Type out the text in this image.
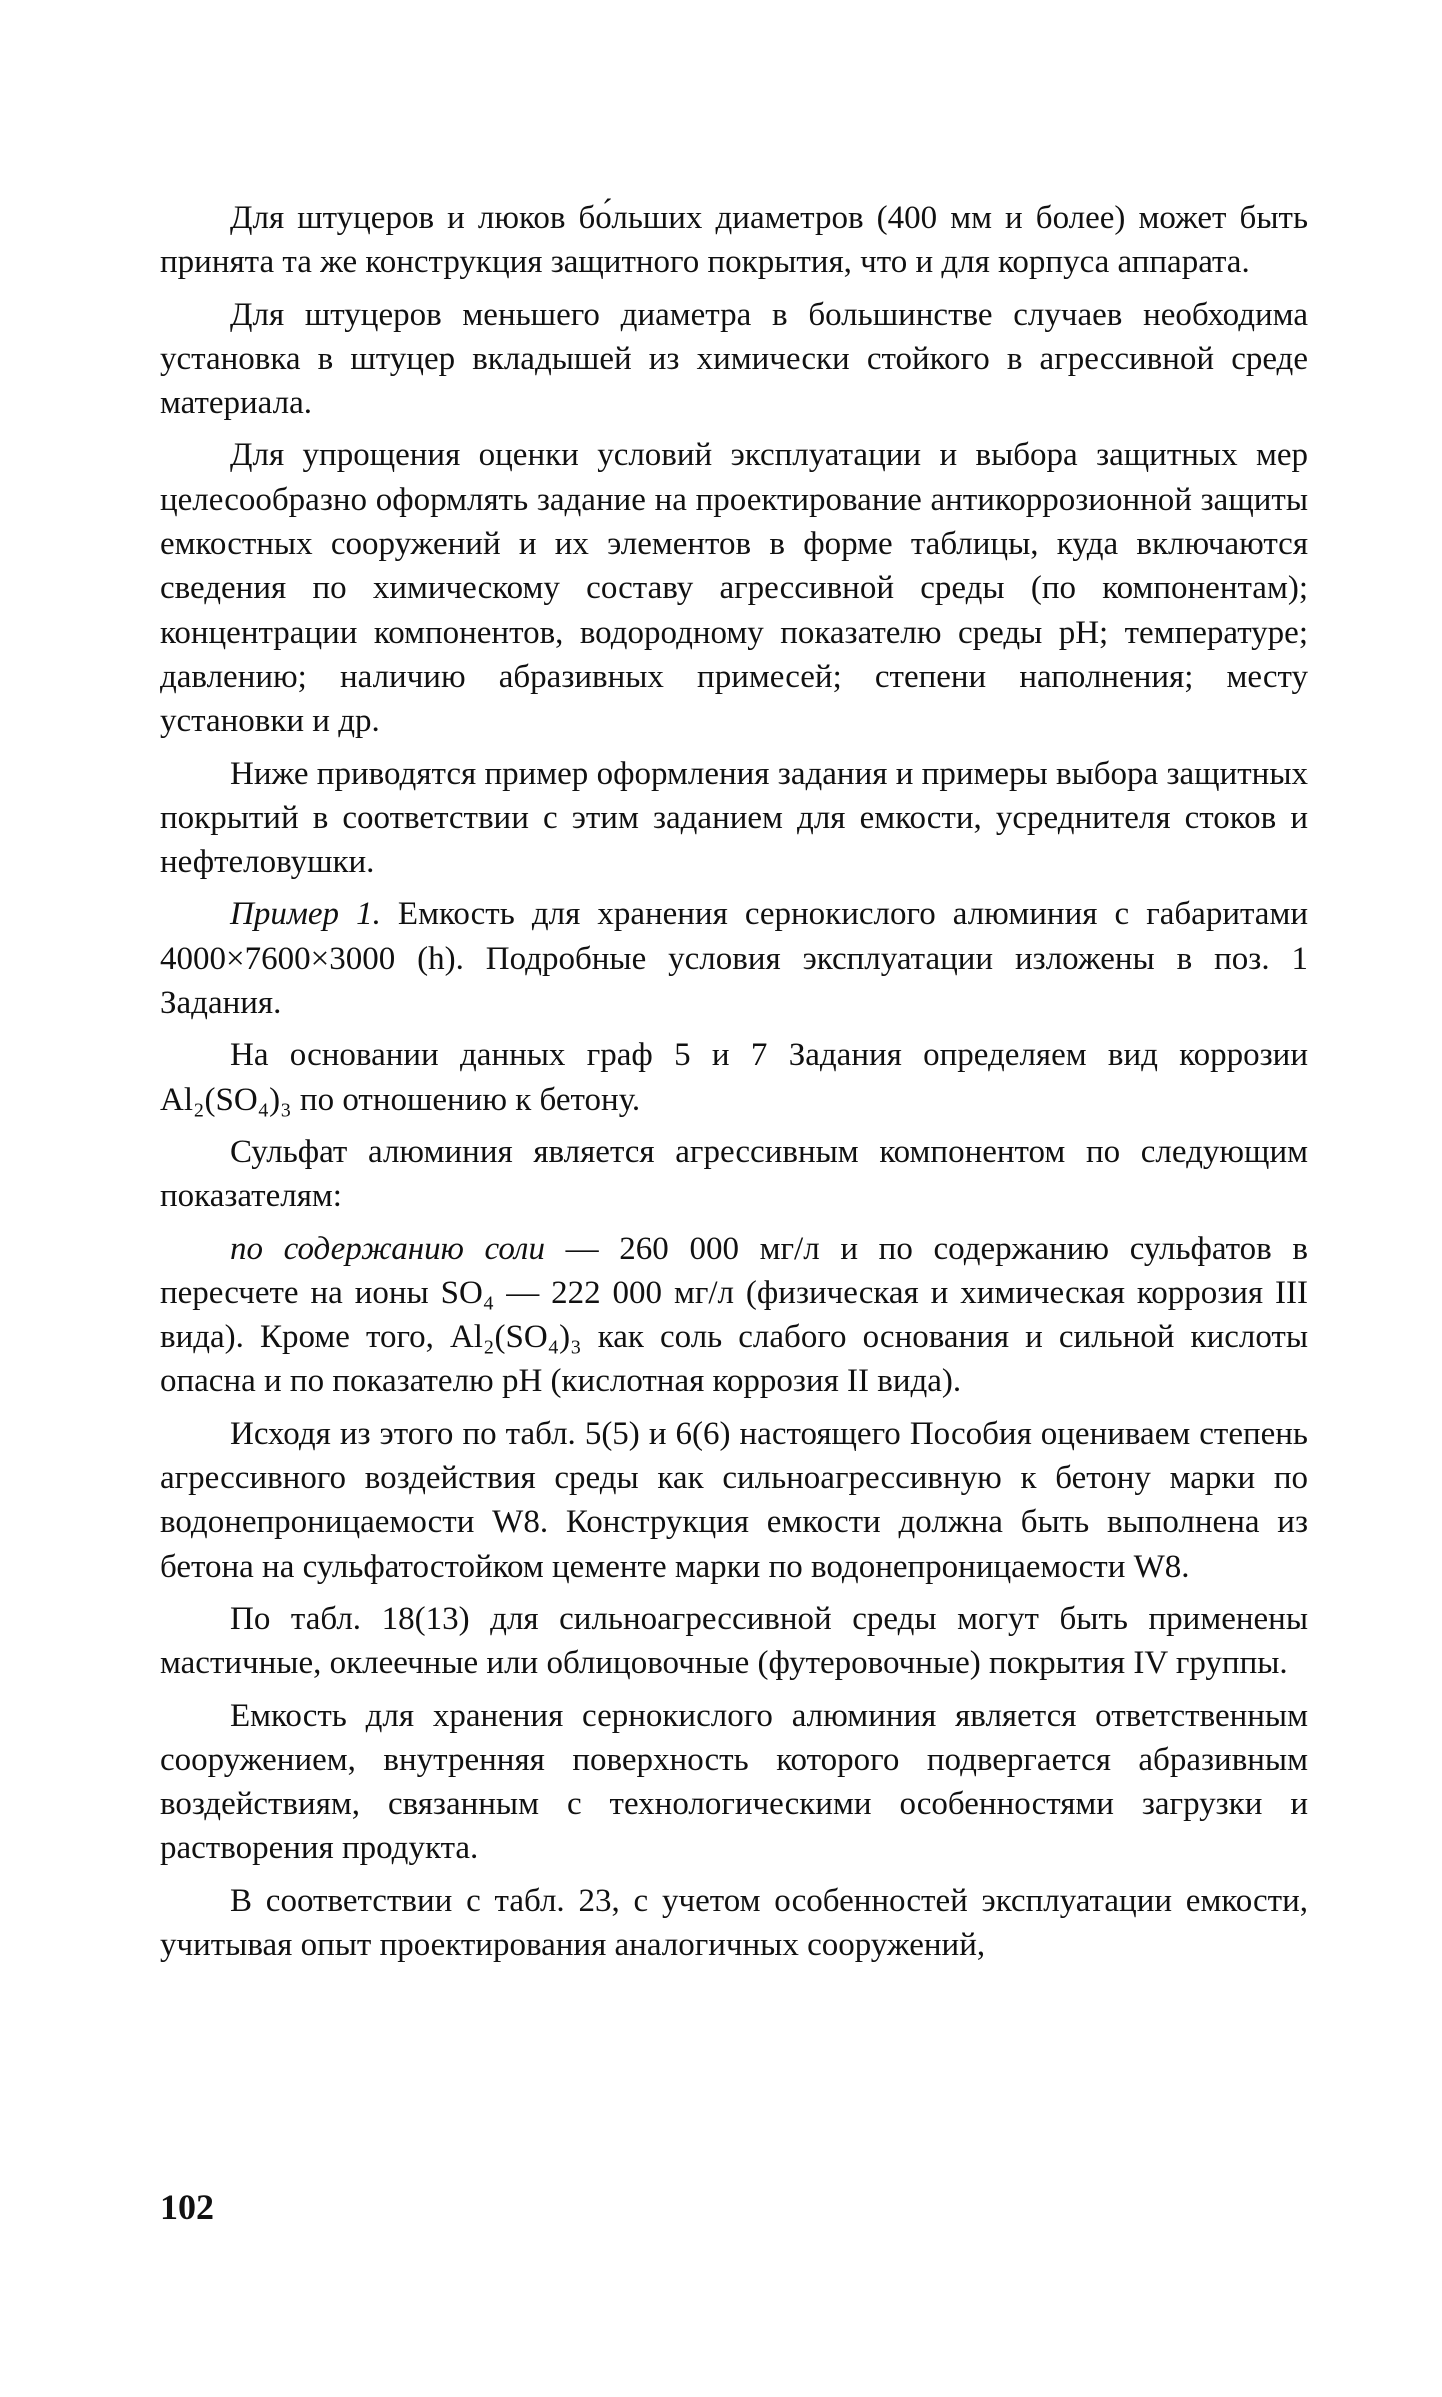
Для штуцеров и люков бо́льших диаметров (400 мм и более) может быть принята та же конструкция защитного покрытия, что и для корпуса аппарата.

Для штуцеров меньшего диаметра в большинстве случаев необходима установка в штуцер вкладышей из химически стойкого в агрессивной среде материала.

Для упрощения оценки условий эксплуатации и выбора защитных мер целесообразно оформлять задание на проектирование антикоррозионной защиты емкостных сооружений и их элементов в форме таблицы, куда включаются сведения по химическому составу агрессивной среды (по компонентам); концентрации компонентов, водородному показателю среды pH; температуре; давлению; наличию абразивных примесей; степени наполнения; месту установки и др.

Ниже приводятся пример оформления задания и примеры выбора защитных покрытий в соответствии с этим заданием для емкости, усреднителя стоков и нефтеловушки.

Пример 1. Емкость для хранения сернокислого алюминия с габаритами 4000×7600×3000 (h). Подробные условия эксплуатации изложены в поз. 1 Задания.

На основании данных граф 5 и 7 Задания определяем вид коррозии Al₂(SO₄)₃ по отношению к бетону.

Сульфат алюминия является агрессивным компонентом по следующим показателям:

по содержанию соли — 260 000 мг/л и по содержанию сульфатов в пересчете на ионы SO₄ — 222 000 мг/л (физическая и химическая коррозия III вида). Кроме того, Al₂(SO₄)₃ как соль слабого основания и сильной кислоты опасна и по показателю pH (кислотная коррозия II вида).

Исходя из этого по табл. 5(5) и 6(6) настоящего Пособия оцениваем степень агрессивного воздействия среды как сильноагрессивную к бетону марки по водонепроницаемости W8. Конструкция емкости должна быть выполнена из бетона на сульфатостойком цементе марки по водонепроницаемости W8.

По табл. 18(13) для сильноагрессивной среды могут быть применены мастичные, оклеечные или облицовочные (футеровочные) покрытия IV группы.

Емкость для хранения сернокислого алюминия является ответственным сооружением, внутренняя поверхность которого подвергается абразивным воздействиям, связанным с технологическими особенностями загрузки и растворения продукта.

В соответствии с табл. 23, с учетом особенностей эксплуатации емкости, учитывая опыт проектирования аналогичных сооружений,

102
